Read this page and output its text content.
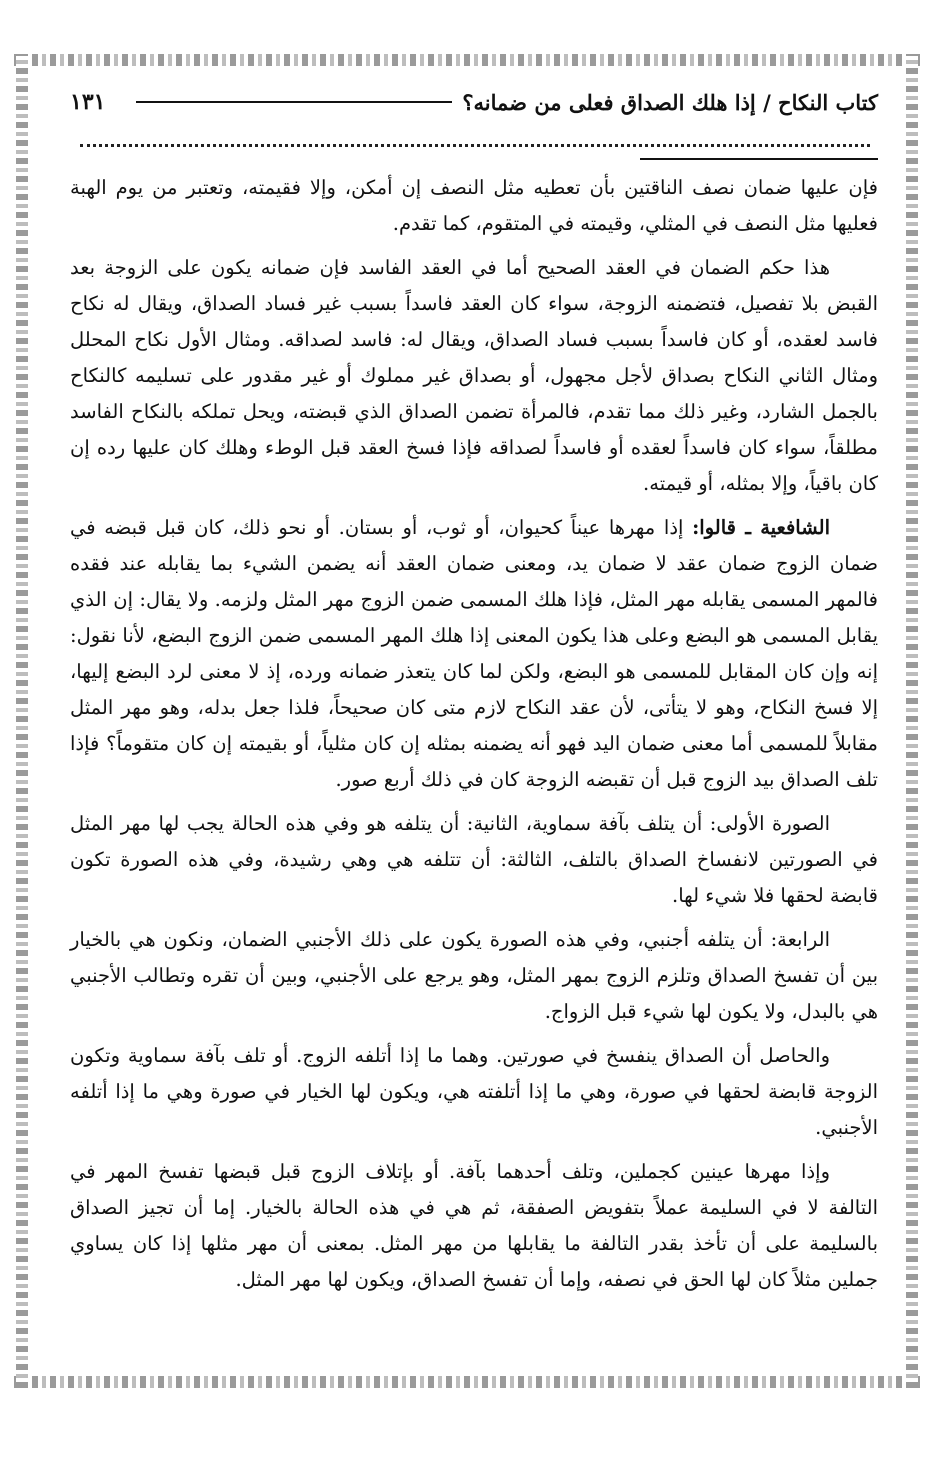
١٣١	كتاب النكاح / إذا هلك الصداق فعلى من ضمانه؟

فإن عليها ضمان نصف الناقتين بأن تعطيه مثل النصف إن أمكن، وإلا فقيمته، وتعتبر من يوم الهبة فعليها مثل النصف في المثلي، وقيمته في المتقوم، كما تقدم.

هذا حكم الضمان في العقد الصحيح أما في العقد الفاسد فإن ضمانه يكون على الزوجة بعد القبض بلا تفصيل، فتضمنه الزوجة، سواء كان العقد فاسداً بسبب غير فساد الصداق، ويقال له نكاح فاسد لعقده، أو كان فاسداً بسبب فساد الصداق، ويقال له: فاسد لصداقه. ومثال الأول نكاح المحلل ومثال الثاني النكاح بصداق لأجل مجهول، أو بصداق غير مملوك أو غير مقدور على تسليمه كالنكاح بالجمل الشارد، وغير ذلك مما تقدم، فالمرأة تضمن الصداق الذي قبضته، ويحل تملكه بالنكاح الفاسد مطلقاً، سواء كان فاسداً لعقده أو فاسداً لصداقه فإذا فسخ العقد قبل الوطء وهلك كان عليها رده إن كان باقياً، وإلا بمثله، أو قيمته.

الشافعية ـ قالوا: إذا مهرها عيناً كحيوان، أو ثوب، أو بستان. أو نحو ذلك، كان قبل قبضه في ضمان الزوج ضمان عقد لا ضمان يد، ومعنى ضمان العقد أنه يضمن الشيء بما يقابله عند فقده فالمهر المسمى يقابله مهر المثل، فإذا هلك المسمى ضمن الزوج مهر المثل ولزمه. ولا يقال: إن الذي يقابل المسمى هو البضع وعلى هذا يكون المعنى إذا هلك المهر المسمى ضمن الزوج البضع، لأنا نقول: إنه وإن كان المقابل للمسمى هو البضع، ولكن لما كان يتعذر ضمانه ورده، إذ لا معنى لرد البضع إليها، إلا فسخ النكاح، وهو لا يتأتى، لأن عقد النكاح لازم متى كان صحيحاً، فلذا جعل بدله، وهو مهر المثل مقابلاً للمسمى أما معنى ضمان اليد فهو أنه يضمنه بمثله إن كان مثلياً، أو بقيمته إن كان متقوماً؟ فإذا تلف الصداق بيد الزوج قبل أن تقبضه الزوجة كان في ذلك أربع صور.

الصورة الأولى: أن يتلف بآفة سماوية، الثانية: أن يتلفه هو وفي هذه الحالة يجب لها مهر المثل في الصورتين لانفساخ الصداق بالتلف، الثالثة: أن تتلفه هي وهي رشيدة، وفي هذه الصورة تكون قابضة لحقها فلا شيء لها.

الرابعة: أن يتلفه أجنبي، وفي هذه الصورة يكون على ذلك الأجنبي الضمان، ونكون هي بالخيار بين أن تفسخ الصداق وتلزم الزوج بمهر المثل، وهو يرجع على الأجنبي، وبين أن تقره وتطالب الأجنبي هي بالبدل، ولا يكون لها شيء قبل الزواج.

والحاصل أن الصداق ينفسخ في صورتين. وهما ما إذا أتلفه الزوج. أو تلف بآفة سماوية وتكون الزوجة قابضة لحقها في صورة، وهي ما إذا أتلفته هي، ويكون لها الخيار في صورة وهي ما إذا أتلفه الأجنبي.

وإذا مهرها عينين كجملين، وتلف أحدهما بآفة. أو بإتلاف الزوج قبل قبضها تفسخ المهر في التالفة لا في السليمة عملاً بتفويض الصفقة، ثم هي في هذه الحالة بالخيار. إما أن تجيز الصداق بالسليمة على أن تأخذ بقدر التالفة ما يقابلها من مهر المثل. بمعنى أن مهر مثلها إذا كان يساوي جملين مثلاً كان لها الحق في نصفه، وإما أن تفسخ الصداق، ويكون لها مهر المثل.
